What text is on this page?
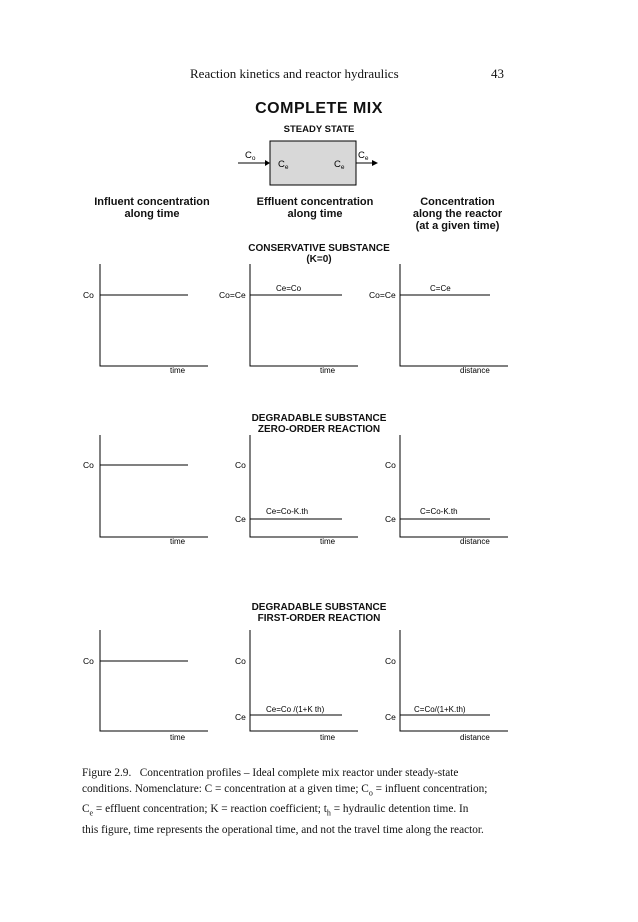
Reaction kinetics and reactor hydraulics	43
COMPLETE MIX
STEADY STATE
$C_o$	$C_e$
$C_e$	$C_e$
Influent concentration
along time
Effluent concentration
along time
Concentration
along the reactor
(at a given time)
CONSERVATIVE SUBSTANCE
(K=0)
DEGRADABLE SUBSTANCE
ZERO-ORDER REACTION
DEGRADABLE SUBSTANCE
FIRST-ORDER REACTION
Co
time
Co=Ce
Ce=Co
time
Co=Ce
C=Ce
distance
Co
time
Co
Ce
Ce=Co-K.th
time
Co
Ce
C=Co-K.th
distance
Co
time
Co
Ce
Ce=Co /(1+K th)
time
Co
Ce
C=Co/(1+K.th)
distance
Figure 2.9. Concentration profiles – Ideal complete mix reactor under steady-state
conditions. Nomenclature: C = concentration at a given time; $C_o$ = influent concentration;
$C_e$ = effluent concentration; K = reaction coefficient; $t_h$ = hydraulic detention time. In
this figure, time represents the operational time, and not the travel time along the reactor.
